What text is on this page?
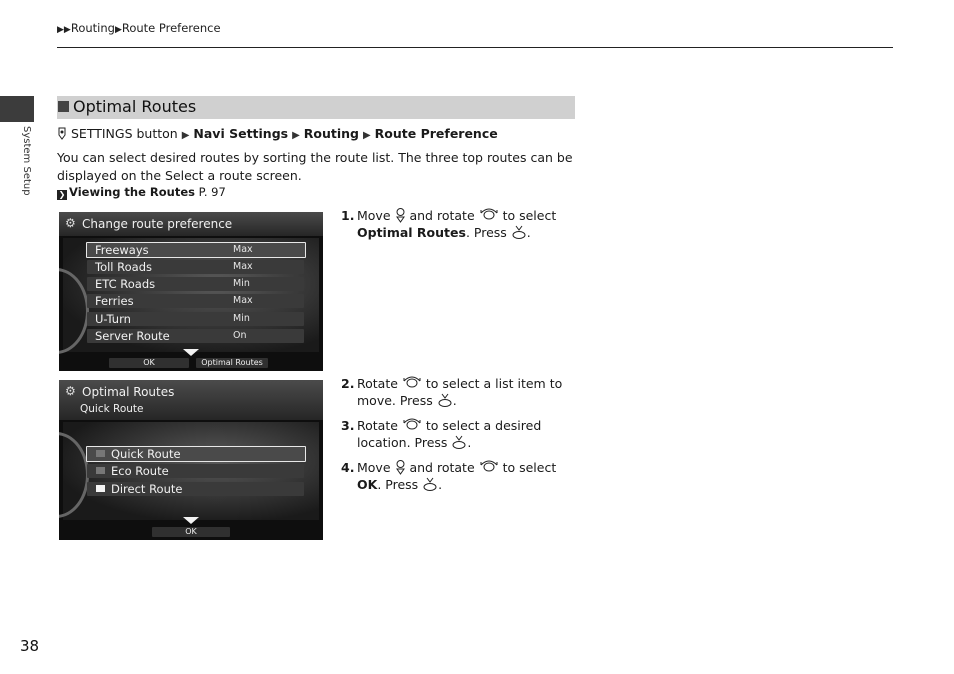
▶▶Routing▶Route Preference
System Setup
Optimal Routes
SETTINGS button ▶ Navi Settings ▶ Routing ▶ Route Preference
You can select desired routes by sorting the route list. The three top routes can be displayed on the Select a route screen.
❯ Viewing the Routes P. 97
⚙ Change route preference
Freeways	Max
Toll Roads	Max
ETC Roads	Min
Ferries	Max
U-Turn	Min
Server Route	On
OK	Optimal Routes
⚙ Optimal Routes
Quick Route
Quick Route
Eco Route
Direct Route
OK
1. Move  and rotate  to select
Optimal Routes. Press .
2. Rotate  to select a list item to move. Press .
3. Rotate  to select a desired location. Press .
4. Move  and rotate  to select
OK. Press .
38
